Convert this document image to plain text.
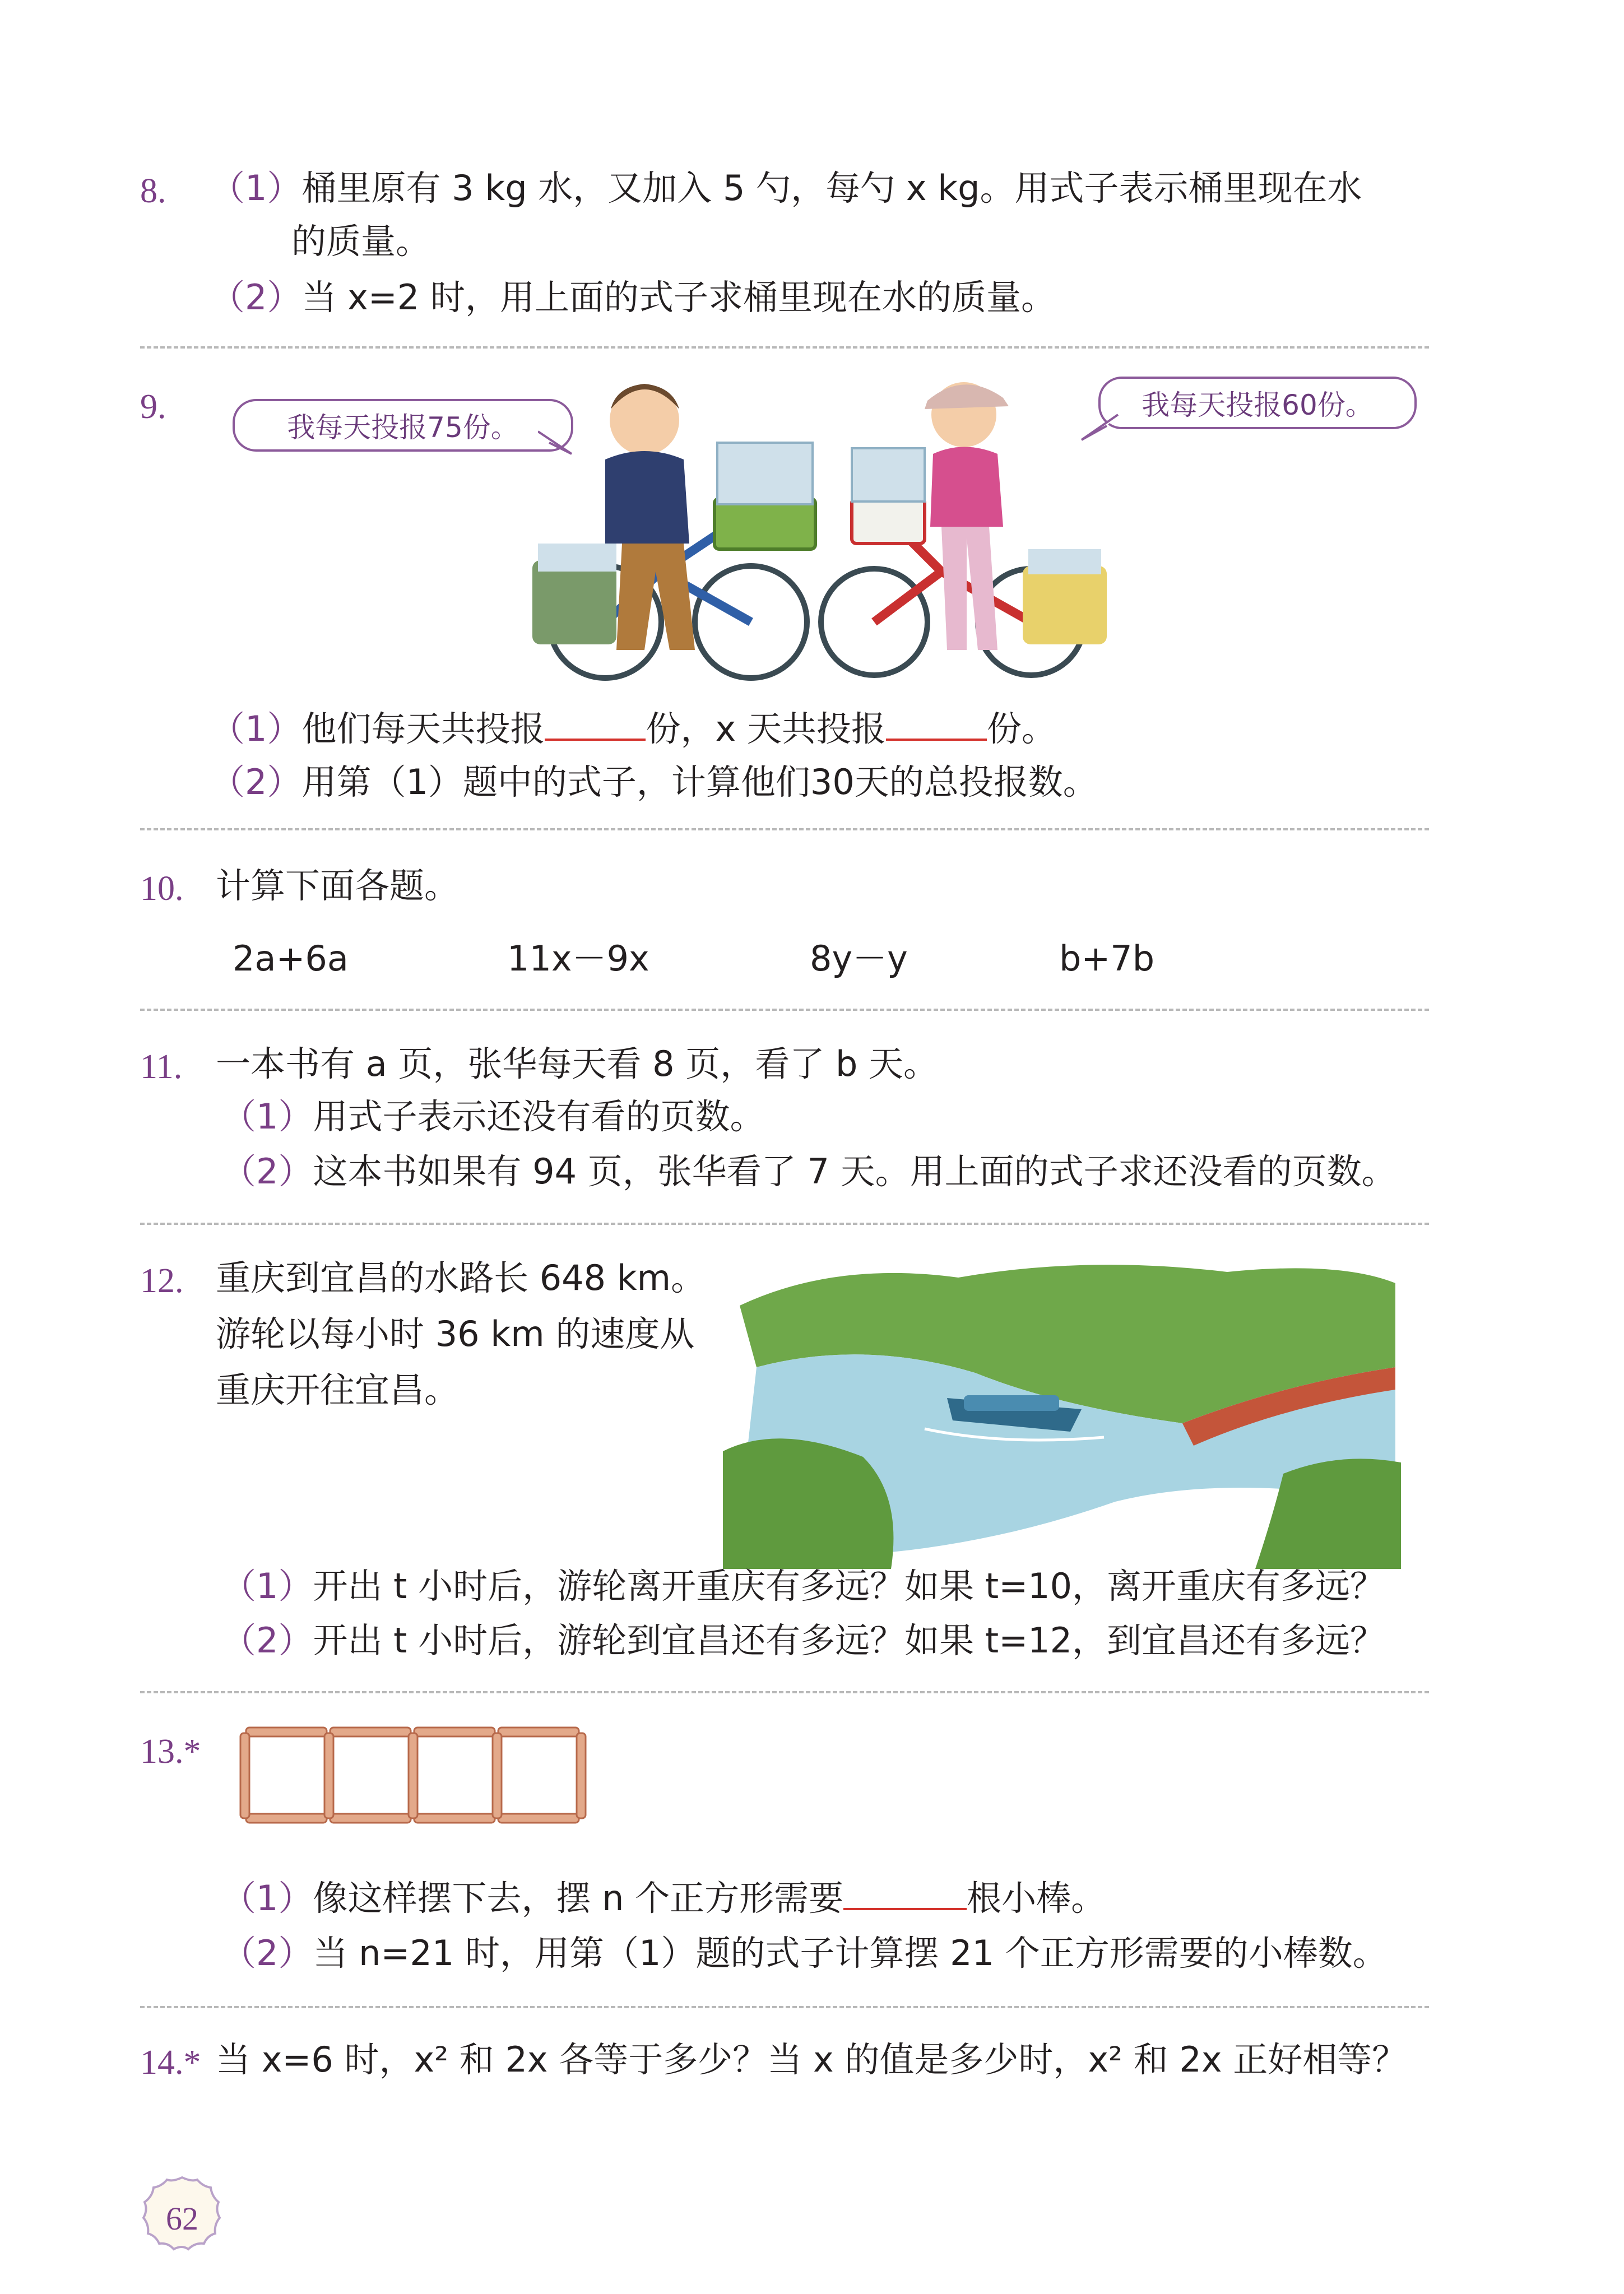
8. （1）桶里原有 3 kg 水，又加入 5 勺，每勺 x kg。用式子表示桶里现在水
的质量。
（2）当 x=2 时，用上面的式子求桶里现在水的质量。
9.
我每天投报75份。
我每天投报60份。
（1）他们每天共投报	份，x 天共投报	份。
（2）用第（1）题中的式子，计算他们30天的总投报数。
10. 计算下面各题。
2a+6a	11x－9x	8y－y	b+7b
11. 一本书有 a 页，张华每天看 8 页，看了 b 天。
（1）用式子表示还没有看的页数。
（2）这本书如果有 94 页，张华看了 7 天。用上面的式子求还没看的页数。
12. 重庆到宜昌的水路长 648 km。
游轮以每小时 36 km 的速度从
重庆开往宜昌。
（1）开出 t 小时后，游轮离开重庆有多远？如果 t=10，离开重庆有多远？
（2）开出 t 小时后，游轮到宜昌还有多远？如果 t=12，到宜昌还有多远？
13.*
（1）像这样摆下去，摆 n 个正方形需要	根小棒。
（2）当 n=21 时，用第（1）题的式子计算摆 21 个正方形需要的小棒数。
14.* 当 x=6 时，x² 和 2x 各等于多少？当 x 的值是多少时，x² 和 2x 正好相等？
62
